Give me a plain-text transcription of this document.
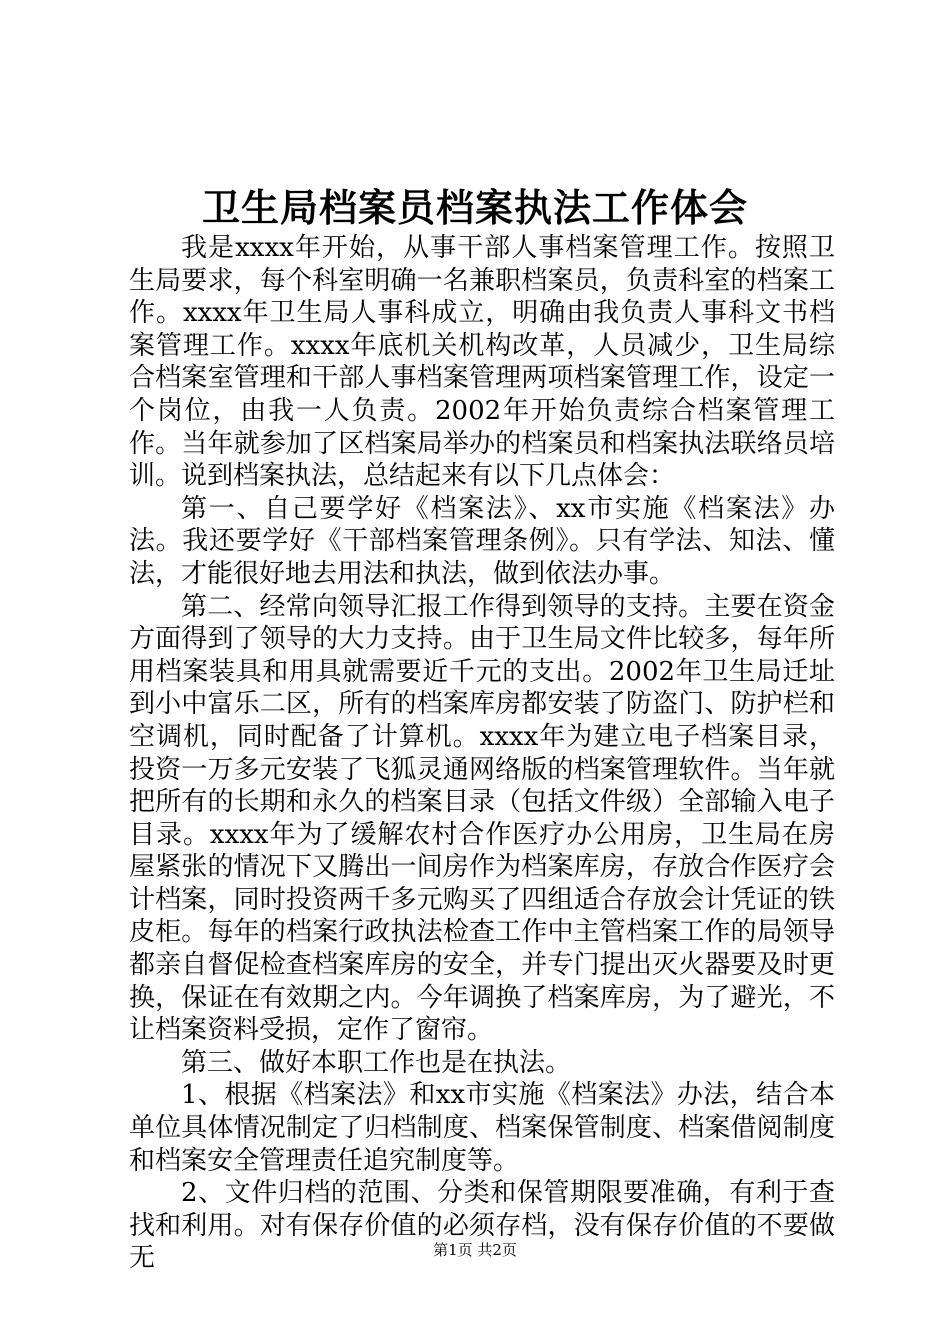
卫生局档案员档案执法工作体会

我是xxxx年开始，从事干部人事档案管理工作。按照卫生局要求，每个科室明确一名兼职档案员，负责科室的档案工作。xxxx年卫生局人事科成立，明确由我负责人事科文书档案管理工作。xxxx年底机关机构改革，人员减少，卫生局综合档案室管理和干部人事档案管理两项档案管理工作，设定一个岗位，由我一人负责。2002年开始负责综合档案管理工作。当年就参加了区档案局举办的档案员和档案执法联络员培训。说到档案执法，总结起来有以下几点体会：

第一、自己要学好《档案法》、xx市实施《档案法》办法。我还要学好《干部档案管理条例》。只有学法、知法、懂法，才能很好地去用法和执法，做到依法办事。

第二、经常向领导汇报工作得到领导的支持。主要在资金方面得到了领导的大力支持。由于卫生局文件比较多，每年所用档案装具和用具就需要近千元的支出。2002年卫生局迁址到小中富乐二区，所有的档案库房都安装了防盗门、防护栏和空调机，同时配备了计算机。xxxx年为建立电子档案目录，投资一万多元安装了飞狐灵通网络版的档案管理软件。当年就把所有的长期和永久的档案目录（包括文件级）全部输入电子目录。xxxx年为了缓解农村合作医疗办公用房，卫生局在房屋紧张的情况下又腾出一间房作为档案库房，存放合作医疗会计档案，同时投资两千多元购买了四组适合存放会计凭证的铁皮柜。每年的档案行政执法检查工作中主管档案工作的局领导都亲自督促检查档案库房的安全，并专门提出灭火器要及时更换，保证在有效期之内。今年调换了档案库房，为了避光，不让档案资料受损，定作了窗帘。

第三、做好本职工作也是在执法。

1、根据《档案法》和xx市实施《档案法》办法，结合本单位具体情况制定了归档制度、档案保管制度、档案借阅制度和档案安全管理责任追究制度等。

2、文件归档的范围、分类和保管期限要准确，有利于查找和利用。对有保存价值的必须存档，没有保存价值的不要做无	第1页 共2页
